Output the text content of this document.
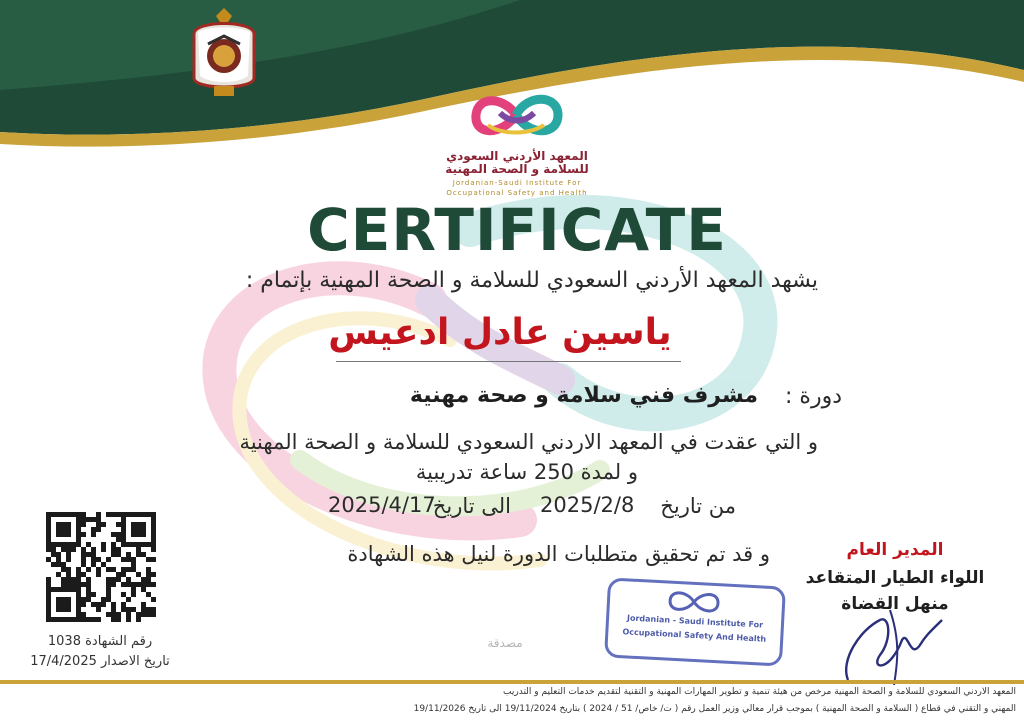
المعهد الأردني السعودي
للسلامة و الصحة المهنية
Jordanian-Saudi Institute For
Occupational Safety and Health
CERTIFICATE
يشهد المعهد الأردني السعودي للسلامة و الصحة المهنية بإتمام :
ياسين عادل ادعيس
دورة :
مشرف فني سلامة و صحة مهنية
و التي عقدت في المعهد الاردني السعودي للسلامة و الصحة المهنية
و لمدة 250 ساعة تدريبية
من تاريخ
2025/2/8
الى تاريخ
2025/4/17
و قد تم تحقيق متطلبات الدورة لنيل هذه الشهادة	المدير العام
اللواء الطيار المتقاعد
منهل القضاة
Jordanian - Saudi Institute For
Occupational Safety And Health
مصدقة
رقم الشهادة 1038
تاريخ الاصدار 17/4/2025
المعهد الاردني السعودي للسلامة و الصحة المهنية مرخص من هيئة تنمية و تطوير المهارات المهنية و التقنية لتقديم خدمات التعليم و التدريب
المهني و التقني في قطاع ( السلامة و الصحة المهنية ) بموجب قرار معالي وزير العمل رقم ( ت/ خاص/ 51 / 2024 ) بتاريخ 19/11/2024 الى تاريخ 19/11/2026
